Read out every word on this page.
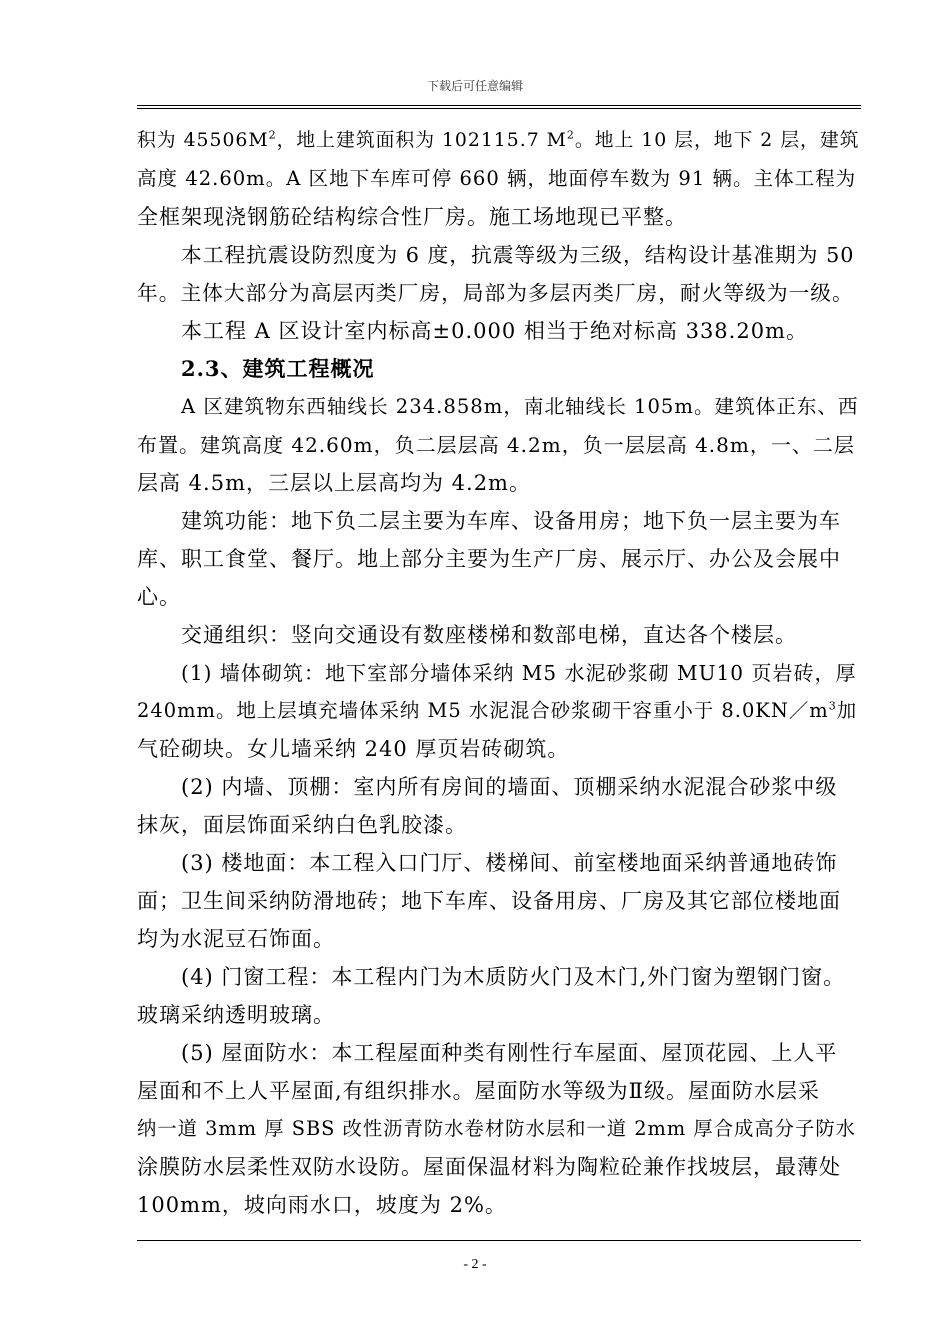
下载后可任意编辑

积为 $45506M^2$，地上建筑面积为 102115.7 $M^2$。地上 10 层，地下 2 层，建筑

高度 42.60m。A 区地下车库可停 660 辆，地面停车数为 91 辆。主体工程为

全框架现浇钢筋砼结构综合性厂房。施工场地现已平整。

本工程抗震设防烈度为 6 度，抗震等级为三级，结构设计基准期为 50

年。主体大部分为高层丙类厂房，局部为多层丙类厂房，耐火等级为一级。

本工程 A 区设计室内标高±0.000 相当于绝对标高 338.20m。

2.3、建筑工程概况

A 区建筑物东西轴线长 234.858m，南北轴线长 105m。建筑体正东、西

布置。建筑高度 42.60m，负二层层高 4.2m，负一层层高 4.8m，一、二层

层高 4.5m，三层以上层高均为 4.2m。

建筑功能：地下负二层主要为车库、设备用房；地下负一层主要为车

库、职工食堂、餐厅。地上部分主要为生产厂房、展示厅、办公及会展中

心。

交通组织：竖向交通设有数座楼梯和数部电梯，直达各个楼层。

(1) 墙体砌筑：地下室部分墙体采纳 M5 水泥砂浆砌 MU10 页岩砖，厚

240mm。地上层填充墙体采纳 M5 水泥混合砂浆砌干容重小于 $8.0KN/m^3$加

气砼砌块。女儿墙采纳 240 厚页岩砖砌筑。

(2) 内墙、顶棚：室内所有房间的墙面、顶棚采纳水泥混合砂浆中级

抹灰，面层饰面采纳白色乳胶漆。

(3) 楼地面：本工程入口门厅、楼梯间、前室楼地面采纳普通地砖饰

面；卫生间采纳防滑地砖；地下车库、设备用房、厂房及其它部位楼地面

均为水泥豆石饰面。

(4) 门窗工程：本工程内门为木质防火门及木门,外门窗为塑钢门窗。

玻璃采纳透明玻璃。

(5) 屋面防水：本工程屋面种类有刚性行车屋面、屋顶花园、上人平

屋面和不上人平屋面,有组织排水。屋面防水等级为Ⅱ级。屋面防水层采

纳一道 3mm 厚 SBS 改性沥青防水卷材防水层和一道 2mm 厚合成高分子防水

涂膜防水层柔性双防水设防。屋面保温材料为陶粒砼兼作找坡层，最薄处

100mm，坡向雨水口，坡度为 2%。

- 2 -
